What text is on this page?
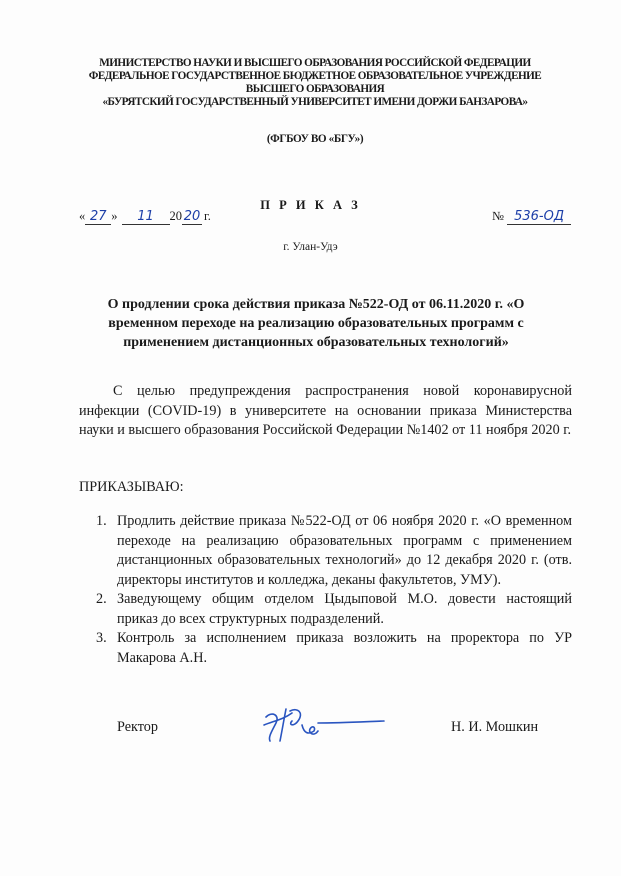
МИНИСТЕРСТВО НАУКИ И ВЫСШЕГО ОБРАЗОВАНИЯ РОССИЙСКОЙ ФЕДЕРАЦИИ
ФЕДЕРАЛЬНОЕ ГОСУДАРСТВЕННОЕ БЮДЖЕТНОЕ ОБРАЗОВАТЕЛЬНОЕ УЧРЕЖДЕНИЕ
ВЫСШЕГО ОБРАЗОВАНИЯ
«БУРЯТСКИЙ ГОСУДАРСТВЕННЫЙ УНИВЕРСИТЕТ ИМЕНИ ДОРЖИ БАНЗАРОВА»
(ФГБОУ ВО «БГУ»)
П Р И К А З
« 27 » 11 20 20 г.	№ 536-ОД
г. Улан-Удэ
О продлении срока действия приказа №522-ОД от 06.11.2020 г. «О временном переходе на реализацию образовательных программ с применением дистанционных образовательных технологий»
С целью предупреждения распространения новой коронавирусной инфекции (COVID-19) в университете на основании приказа Министерства науки и высшего образования Российской Федерации №1402 от 11 ноября 2020 г.
ПРИКАЗЫВАЮ:
1. Продлить действие приказа №522-ОД от 06 ноября 2020 г. «О временном переходе на реализацию образовательных программ с применением дистанционных образовательных технологий» до 12 декабря 2020 г. (отв. директоры институтов и колледжа, деканы факультетов, УМУ).
2. Заведующему общим отделом Цыдыповой М.О. довести настоящий приказ до всех структурных подразделений.
3. Контроль за исполнением приказа возложить на проректора по УР Макарова А.Н.
Ректор	Н. И. Мошкин
